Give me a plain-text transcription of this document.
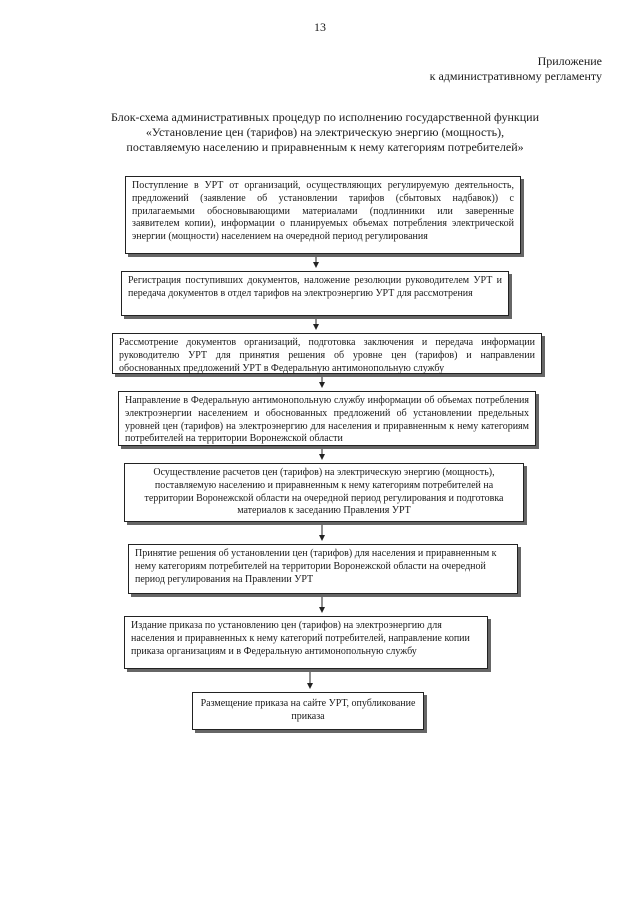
13
Приложение
к административному регламенту
Блок-схема административных процедур по исполнению государственной функции
«Установление цен (тарифов) на электрическую энергию (мощность),
поставляемую населению и приравненным к нему категориям потребителей»
Поступление в УРТ от организаций, осуществляющих регулируемую деятельность, предложений (заявление об установлении тарифов (сбытовых надбавок)) с прилагаемыми обосновывающими материалами (подлинники или заверенные заявителем копии), информации о планируемых объемах потребления электрической энергии (мощности) населением на очередной период регулирования
Регистрация поступивших документов, наложение резолюции руководителем УРТ и передача документов в отдел тарифов на электроэнергию УРТ для рассмотрения
Рассмотрение документов организаций, подготовка заключения и передача информации руководителю УРТ для принятия решения об уровне цен (тарифов) и направлении обоснованных предложений УРТ в Федеральную антимонопольную службу
Направление в Федеральную антимонопольную службу информации об объемах потребления электроэнергии населением и обоснованных предложений об установлении предельных уровней цен (тарифов) на электроэнергию для населения и приравненным к нему категориям потребителей на территории Воронежской области
Осуществление расчетов цен (тарифов) на электрическую энергию (мощность), поставляемую населению и приравненным к нему категориям потребителей на территории Воронежской области на очередной период регулирования и подготовка материалов к заседанию Правления УРТ
Принятие решения об установлении цен (тарифов) для населения и приравненным к нему категориям потребителей на территории Воронежской области на очередной период регулирования на Правлении УРТ
Издание приказа по установлению цен (тарифов) на электроэнергию для населения и приравненных к нему категорий потребителей, направление копии приказа организациям и в Федеральную антимонопольную службу
Размещение приказа на сайте УРТ, опубликование приказа
